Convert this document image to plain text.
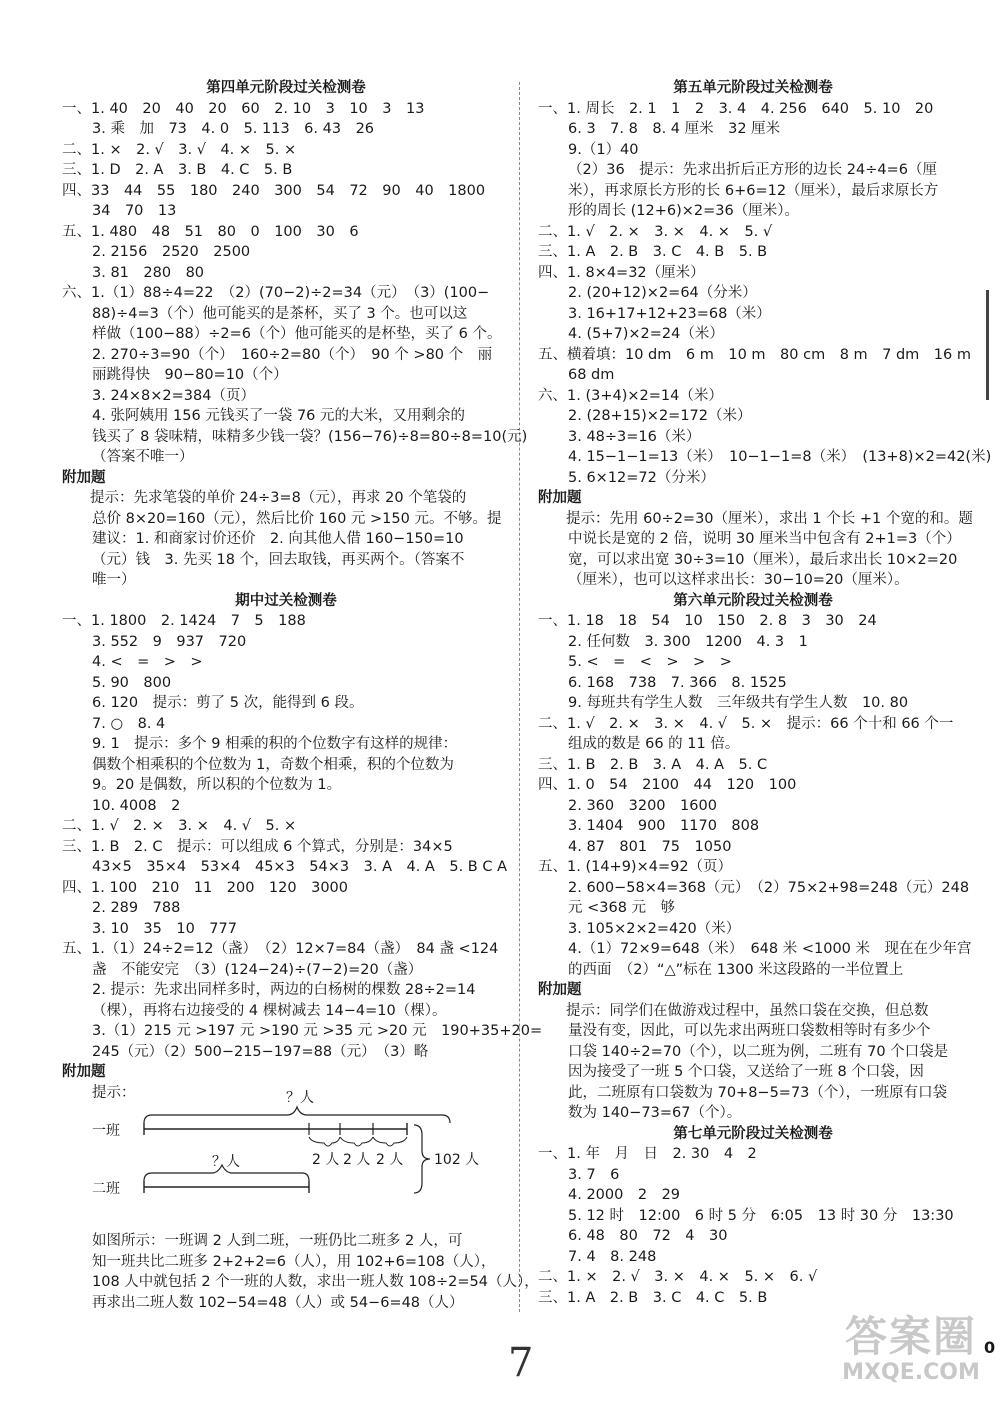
第四单元阶段过关检测卷
一、1. 40　20　40　20　60　2. 10　3　10　3　13
3. 乘　加　73　4. 0　5. 113　6. 43　26
二、1. ×　2. √　3. √　4. ×　5. ×
三、1. D　2. A　3. B　4. C　5. B
四、33　44　55　180　240　300　54　72　90　40　1800
34　70　13
五、1. 480　48　51　80　0　100　30　6
2. 2156　2520　2500
3. 81　280　80
六、1.（1）88÷4=22　（2）(70−2)÷2=34（元）　（3）(100−
88)÷4=3（个）他可能买的是茶杯，买了 3 个。也可以这
样做（100−88）÷2=6（个）他可能买的是杯垫，买了 6 个。
2. 270÷3=90（个）　160÷2=80（个）　90 个 >80 个　丽
丽跳得快　90−80=10（个）
3. 24×8×2=384（页）
4. 张阿姨用 156 元钱买了一袋 76 元的大米，又用剩余的
钱买了 8 袋味精，味精多少钱一袋？(156−76)÷8=80÷8=10(元)
（答案不唯一）
附加题
提示：先求笔袋的单价 24÷3=8（元），再求 20 个笔袋的
总价 8×20=160（元），然后比价 160 元 >150 元。不够。提
建议：1. 和商家讨价还价　2. 向其他人借 160−150=10
（元）钱　3. 先买 18 个，回去取钱，再买两个。（答案不
唯一）
期中过关检测卷
一、1. 1800　2. 1424　7　5　188
3. 552　9　937　720
4. <　=　>　>
5. 90　800
6. 120　提示：剪了 5 次，能得到 6 段。
7. ○　8. 4
9. 1　提示：多个 9 相乘的积的个位数字有这样的规律：
偶数个相乘积的个位数为 1，奇数个相乘，积的个位数为
9。20 是偶数，所以积的个位数为 1。
10. 4008　2
二、1. √　2. ×　3. ×　4. √　5. ×
三、1. B　2. C　提示：可以组成 6 个算式，分别是：34×5
43×5　35×4　53×4　45×3　54×3　3. A　4. A　5. B C A
四、1. 100　210　11　200　120　3000
2. 289　788
3. 10　35　10　777
五、1.（1）24÷2=12（盏）　（2）12×7=84（盏）　84 盏 <124
盏　不能安完　（3）(124−24)÷(7−2)=20（盏）
2. 提示：先求出同样多时，两边的白杨树的棵数 28÷2=14
（棵），再将右边接受的 4 棵树减去 14−4=10（棵）。
3.（1）215 元 >197 元 >190 元 >35 元 >20 元　190+35+20=
245（元）（2）500−215−197=88（元）　（3）略
附加题
提示：
一班
二班
？人
？人	2 人 2 人 2 人 102 人
如图所示：一班调 2 人到二班，一班仍比二班多 2 人，可
知一班共比二班多 2+2+2=6（人），用 102+6=108（人），
108 人中就包括 2 个一班的人数，求出一班人数 108÷2=54（人），
再求出二班人数 102−54=48（人）或 54−6=48（人）
第五单元阶段过关检测卷
一、1. 周长　2. 1　1　2　3. 4　4. 256　640　5. 10　20
6. 3　7. 8　8. 4 厘米　32 厘米
9.（1）40
（2）36　提示：先求出折后正方形的边长 24÷4=6（厘
米），再求原长方形的长 6+6=12（厘米），最后求原长方
形的周长 (12+6)×2=36（厘米）。
二、1. √　2. ×　3. ×　4. ×　5. √
三、1. A　2. B　3. C　4. B　5. B
四、1. 8×4=32（厘米）
2. (20+12)×2=64（分米）
3. 16+17+12+23=68（米）
4. (5+7)×2=24（米）
五、横着填：10 dm　6 m　10 m　80 cm　8 m　7 dm　16 m
68 dm
六、1. (3+4)×2=14（米）
2. (28+15)×2=172（米）
3. 48÷3=16（米）
4. 15−1−1=13（米）　10−1−1=8（米）　(13+8)×2=42(米)
5. 6×12=72（分米）
附加题
提示：先用 60÷2=30（厘米），求出 1 个长 +1 个宽的和。题
中说长是宽的 2 倍，说明 30 厘米当中包含有 2+1=3（个）
宽，可以求出宽 30÷3=10（厘米），最后求出长 10×2=20
（厘米），也可以这样求出长：30−10=20（厘米）。
第六单元阶段过关检测卷
一、1. 18　18　54　10　150　2. 8　3　30　24
2. 任何数　3. 300　1200　4. 3　1
5. <　=　<　>　>　>
6. 168　738　7. 366　8. 1525
9. 每班共有学生人数　三年级共有学生人数　10. 80
二、1. √　2. ×　3. ×　4. √　5. ×　提示：66 个十和 66 个一
组成的数是 66 的 11 倍。
三、1. B　2. B　3. A　4. A　5. C
四、1. 0　54　2100　44　120　100
2. 360　3200　1600
3. 1404　900　1170　808
4. 87　801　75　1050
五、1. (14+9)×4=92（页）
2. 600−58×4=368（元）　（2）75×2+98=248（元）248
元 <368 元　够
3. 105×2×2=420（米）
4.（1）72×9=648（米）　648 米 <1000 米　现在在少年宫
的西面　（2）“△”标在 1300 米这段路的一半位置上
附加题
提示：同学们在做游戏过程中，虽然口袋在交换，但总数
量没有变，因此，可以先求出两班口袋数相等时有多少个
口袋 140÷2=70（个），以二班为例，二班有 70 个口袋是
因为接受了一班 5 个口袋，又送给了一班 8 个口袋，因
此，二班原有口袋数为 70+8−5=73（个），一班原有口袋
数为 140−73=67（个）。
第七单元阶段过关检测卷
一、1. 年　月　日　2. 30　4　2
3. 7　6
4. 2000　2　29
5. 12 时　12:00　6 时 5 分　6:05　13 时 30 分　13:30
6. 48　80　72　4　30
7. 4　8. 248
二、1. ×　2. √　3. ×　4. ×　5. ×　6. √
三、1. A　2. B　3. C　4. C　5. B
7	0
答案圈
MXQE.COM
